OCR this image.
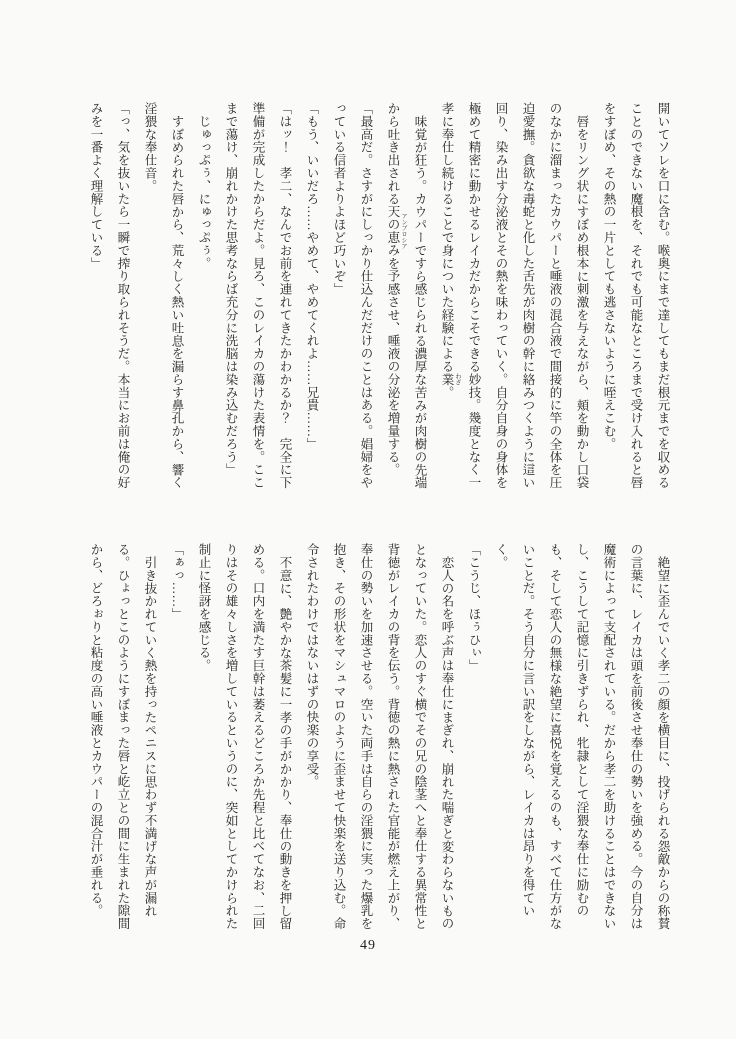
開いてソレを口に含む。喉奥にまで達してもまだ根元までを収める
ことのできない魔根を、それでも可能なところまで受け入れると唇
をすぼめ、その熱の一片としても逃さないように咥えこむ。
唇をリング状にすぼめ根本に刺激を与えながら、頬を動かし口袋
のなかに溜まったカウパーと唾液の混合液で間接的に竿の全体を圧
迫愛撫。貪欲な毒蛇と化した舌先が肉樹の幹に絡みつくように這い
回り、染み出す分泌液とその熱を味わっていく。自分自身の身体を
極めて精密に動かせるレイカだからこそできる妙技。幾度となく一
孝に奉仕し続けることで身についた経験による業 わざ。
味覚が狂う。カウパーですら感じられる濃厚な苦みが肉樹の先端
から吐き出される天の恵み アンブロシアを予感させ、唾液の分泌を増量する。
「最高だ。さすがにしっかり仕込んだだけのことはある。娼婦をや
っている信者よりよほど巧いぞ」
「もう、いいだろ……やめて、やめてくれよ……兄貴……」
「はッ！　孝二、なんでお前を連れてきたかわかるか？　完全に下
準備が完成したからだよ。見ろ、このレイカの蕩けた表情を。ここ
まで蕩け、崩れかけた思考ならば充分に洗脳は染み込むだろう」
じゅっぷぅ、にゅっぷぅ。
すぼめられた唇から、荒々しく熱い吐息を漏らす鼻孔から、響く
淫猥な奉仕音。
「っ、気を抜いたら一瞬で搾り取られそうだ。本当にお前は俺の好
みを一番よく理解している」
絶望に歪んでいく孝二の顔を横目に、投げられる怨敵からの称賛
の言葉に、レイカは頭を前後させ奉仕の勢いを強める。今の自分は
魔術によって支配されている。だから孝二を助けることはできない
し、こうして記憶に引きずられ、牝隷として淫猥な奉仕に励むの
も、そして恋人の無様な絶望に喜悦を覚えるのも、すべて仕方がな
いことだ。そう自分に言い訳をしながら、レイカは昂りを得てい
く。
「こうじ、ほぅひぃ」
恋人の名を呼ぶ声は奉仕にまぎれ、崩れた喘ぎと変わらないもの
となっていた。恋人のすぐ横でその兄の陰茎へと奉仕する異常性と
背徳がレイカの背を伝う。背徳の熱に熱された官能が燃え上がり、
奉仕の勢いを加速させる。空いた両手は自らの淫猥に実った爆乳を
抱き、その形状をマシュマロのように歪ませて快楽を送り込む。命
令されたわけではないはずの快楽の享受。
不意に、艶やかな茶髪に一孝の手がかかり、奉仕の動きを押し留
める。口内を満たす巨幹は萎えるどころか先程と比べてなお、二回
りはその雄々しさを増しているというのに、突如としてかけられた
制止に怪訝を感じる。
「ぁっ……」
引き抜かれていく熱を持ったペニスに思わず不満げな声が漏れ
る。ひょっとこのようにすぼまった唇と屹立との間に生まれた隙間
から、どろぉりと粘度の高い唾液とカウパーの混合汁が垂れる。
49
